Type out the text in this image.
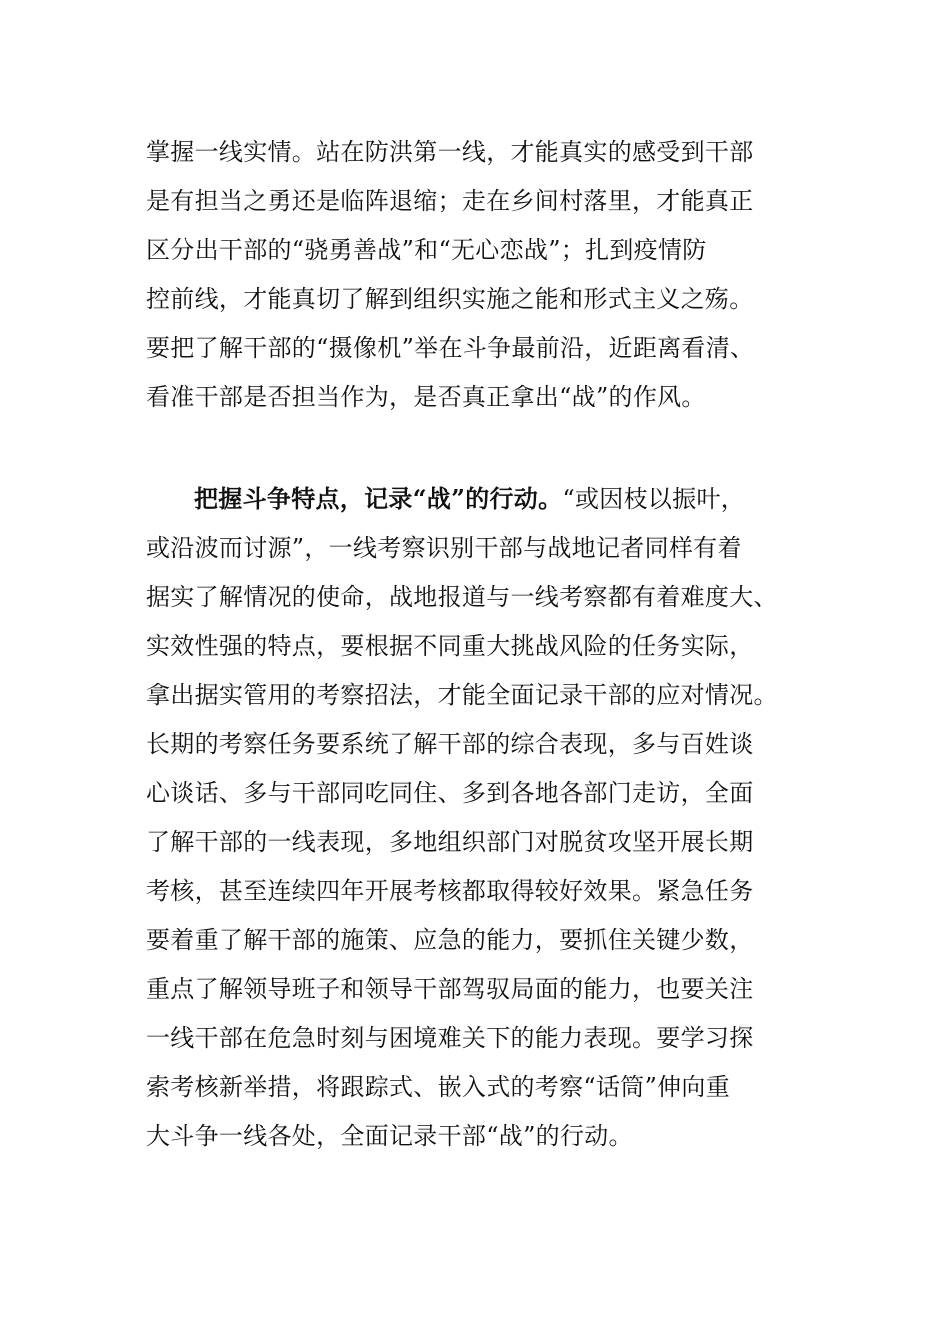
掌握一线实情。站在防洪第一线，才能真实的感受到干部
是有担当之勇还是临阵退缩；走在乡间村落里，才能真正
区分出干部的“骁勇善战”和“无心恋战”；扎到疫情防
控前线，才能真切了解到组织实施之能和形式主义之殇。
要把了解干部的“摄像机”举在斗争最前沿，近距离看清、
看准干部是否担当作为，是否真正拿出“战”的作风。
把握斗争特点，记录“战”的行动。“或因枝以振叶，
或沿波而讨源”，一线考察识别干部与战地记者同样有着
据实了解情况的使命，战地报道与一线考察都有着难度大、
实效性强的特点，要根据不同重大挑战风险的任务实际，
拿出据实管用的考察招法，才能全面记录干部的应对情况。
长期的考察任务要系统了解干部的综合表现，多与百姓谈
心谈话、多与干部同吃同住、多到各地各部门走访，全面
了解干部的一线表现，多地组织部门对脱贫攻坚开展长期
考核，甚至连续四年开展考核都取得较好效果。紧急任务
要着重了解干部的施策、应急的能力，要抓住关键少数，
重点了解领导班子和领导干部驾驭局面的能力，也要关注
一线干部在危急时刻与困境难关下的能力表现。要学习探
索考核新举措，将跟踪式、嵌入式的考察“话筒”伸向重
大斗争一线各处，全面记录干部“战”的行动。
